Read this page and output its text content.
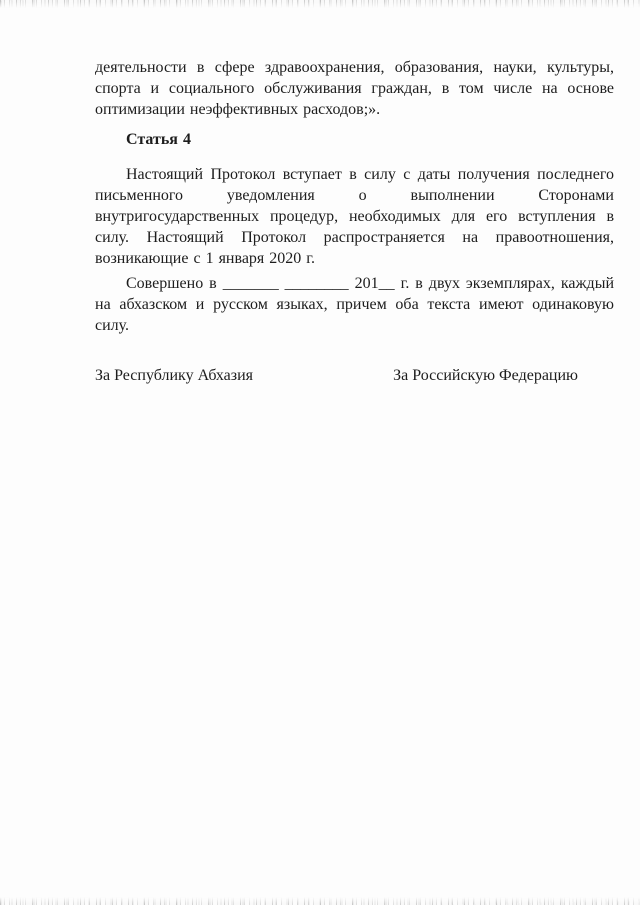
деятельности в сфере здравоохранения, образования, науки, культуры, спорта и социального обслуживания граждан, в том числе на основе оптимизации неэффективных расходов;».

Статья 4

Настоящий Протокол вступает в силу с даты получения последнего письменного уведомления о выполнении Сторонами внутригосударственных процедур, необходимых для его вступления в силу. Настоящий Протокол распространяется на правоотношения, возникающие с 1 января 2020 г.

Совершено в _______ ________ 201__ г. в двух экземплярах, каждый на абхазском и русском языках, причем оба текста имеют одинаковую силу.

За Республику Абхазия	За Российскую Федерацию
